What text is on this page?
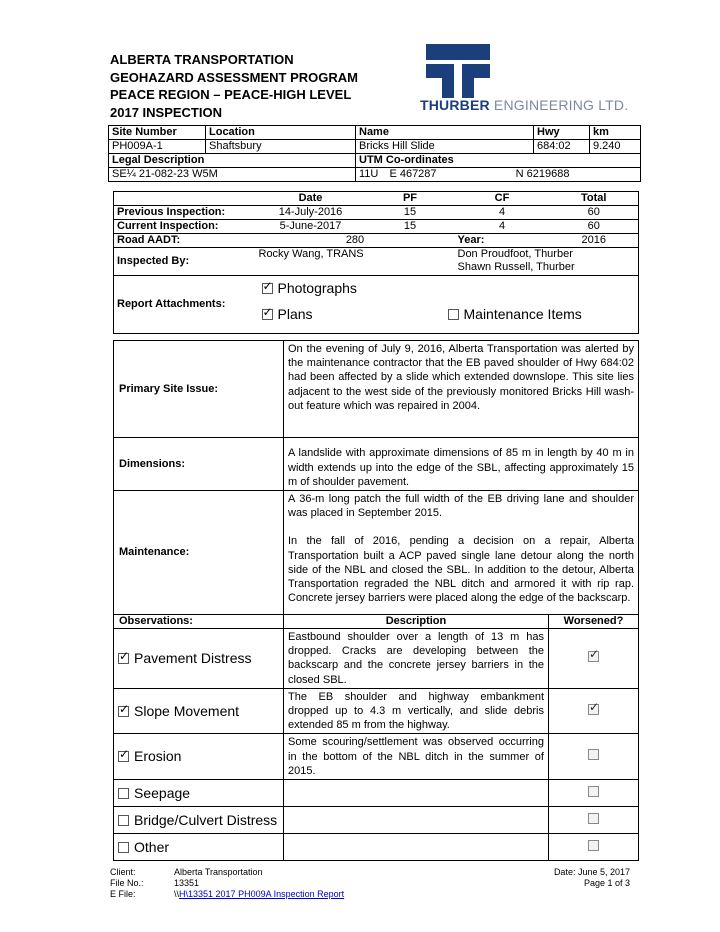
ALBERTA TRANSPORTATION
GEOHAZARD ASSESSMENT PROGRAM
PEACE REGION – PEACE-HIGH LEVEL
2017 INSPECTION	THURBER ENGINEERING LTD.
Site Number	Location	Name	Hwy	km
PH009A-1	Shaftsbury	Bricks Hill Slide	684:02	9.240
Legal Description		UTM Co-ordinates		
SE¼ 21-082-23 W5M		11U E 467287 N 6219688		
	Date	PF	CF	Total
Previous Inspection:	14-July-2016	15	4	60
Current Inspection:	5-June-2017	15	4	60
Road AADT:	280		Year:	2016
Inspected By:	Rocky Wang, TRANS		Don Proudfoot, Thurber
Shawn Russell, Thurber	

Report Attachments:	
✓Photographs
✓Plans Maintenance Items
Primary Site Issue:	On the evening of July 9, 2016, Alberta Transportation was alerted by the maintenance contractor that the EB paved shoulder of Hwy 684:02 had been affected by a slide which extended downslope. This site lies adjacent to the west side of the previously monitored Bricks Hill wash-out feature which was repaired in 2004.	
Dimensions:	A landslide with approximate dimensions of 85 m in length by 40 m in width extends up into the edge of the SBL, affecting approximately 15 m of shoulder pavement.	
Maintenance:	A 36-m long patch the full width of the EB driving lane and shoulder was placed in September 2015.
In the fall of 2016, pending a decision on a repair, Alberta Transportation built a ACP paved single lane detour along the north side of the NBL and closed the SBL. In addition to the detour, Alberta Transportation regraded the NBL ditch and armored it with rip rap. Concrete jersey barriers were placed along the edge of the backscarp.	

Observations:	Description	Worsened?
✓Pavement Distress	Eastbound shoulder over a length of 13 m has dropped. Cracks are developing between the backscarp and the concrete jersey barriers in the closed SBL.	✓
✓Slope Movement	The EB shoulder and highway embankment dropped up to 4.3 m vertically, and slide debris extended 85 m from the highway.	✓
✓Erosion	Some scouring/settlement was observed occurring in the bottom of the NBL ditch in the summer of 2015.	
Seepage		
Bridge/Culvert Distress		
Other		
Client:	Alberta Transportation
File No.:	13351
E File:	\\ H\13351 2017 PH009A Inspection Report
Date: June 5, 2017
Page 1 of 3
